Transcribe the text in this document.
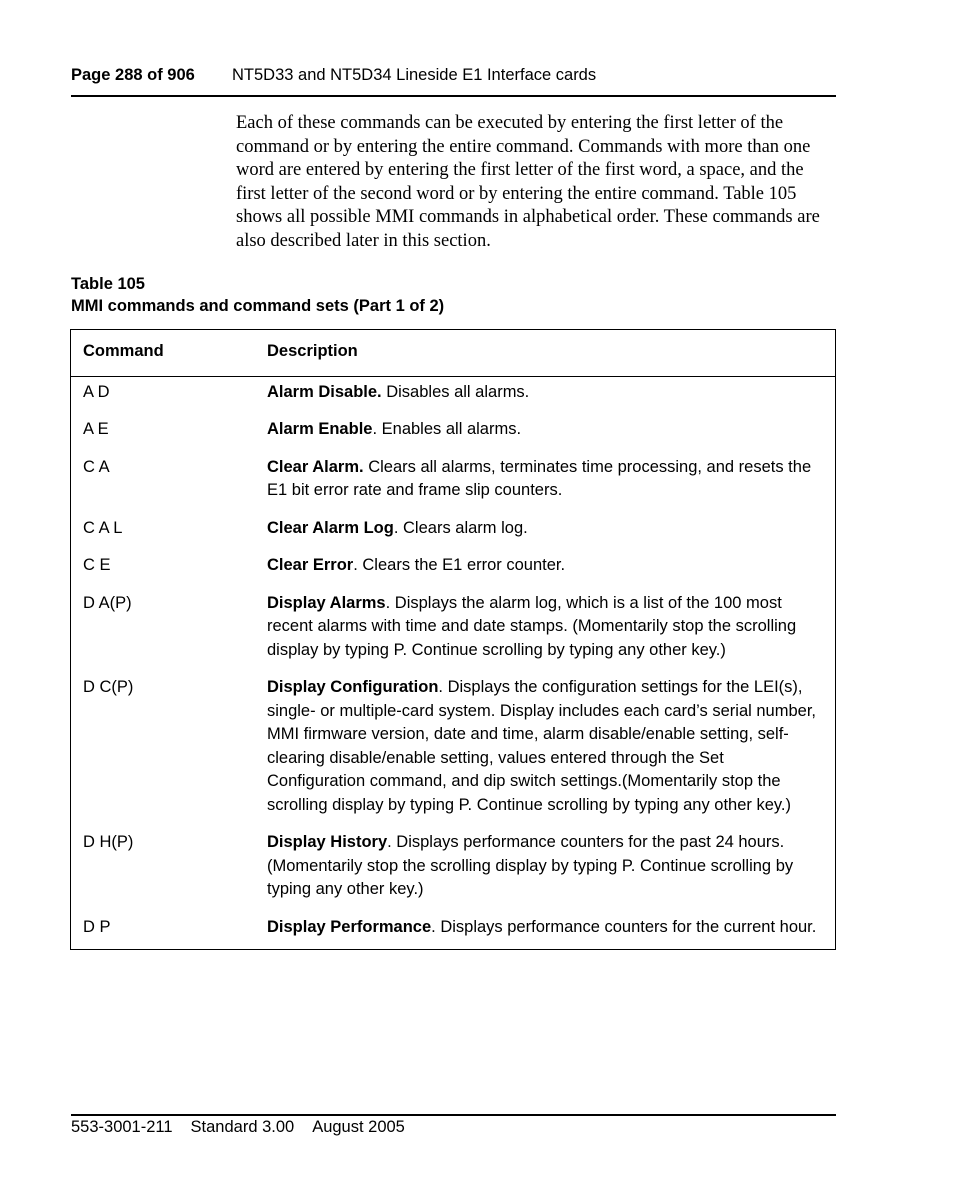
Page 288 of 906 NT5D33 and NT5D34 Lineside E1 Interface cards

Each of these commands can be executed by entering the first letter of the command or by entering the entire command. Commands with more than one word are entered by entering the first letter of the first word, a space, and the first letter of the second word or by entering the entire command. Table 105 shows all possible MMI commands in alphabetical order. These commands are also described later in this section.

Table 105
MMI commands and command sets (Part 1 of 2)
Command	Description
A D	Alarm Disable. Disables all alarms.
A E	Alarm Enable. Enables all alarms.
C A	Clear Alarm. Clears all alarms, terminates time processing, and resets the E1 bit error rate and frame slip counters.
C A L	Clear Alarm Log. Clears alarm log.
C E	Clear Error. Clears the E1 error counter.
D A(P)	Display Alarms. Displays the alarm log, which is a list of the 100 most recent alarms with time and date stamps. (Momentarily stop the scrolling display by typing P. Continue scrolling by typing any other key.)
D C(P)	Display Configuration. Displays the configuration settings for the LEI(s), single- or multiple-card system. Display includes each card’s serial number, MMI firmware version, date and time, alarm disable/enable setting, self-clearing disable/enable setting, values entered through the Set Configuration command, and dip switch settings.(Momentarily stop the scrolling display by typing P. Continue scrolling by typing any other key.)
D H(P)	Display History. Displays performance counters for the past 24 hours. (Momentarily stop the scrolling display by typing P. Continue scrolling by typing any other key.)
D P	Display Performance. Displays performance counters for the current hour.
553-3001-211 Standard 3.00 August 2005
